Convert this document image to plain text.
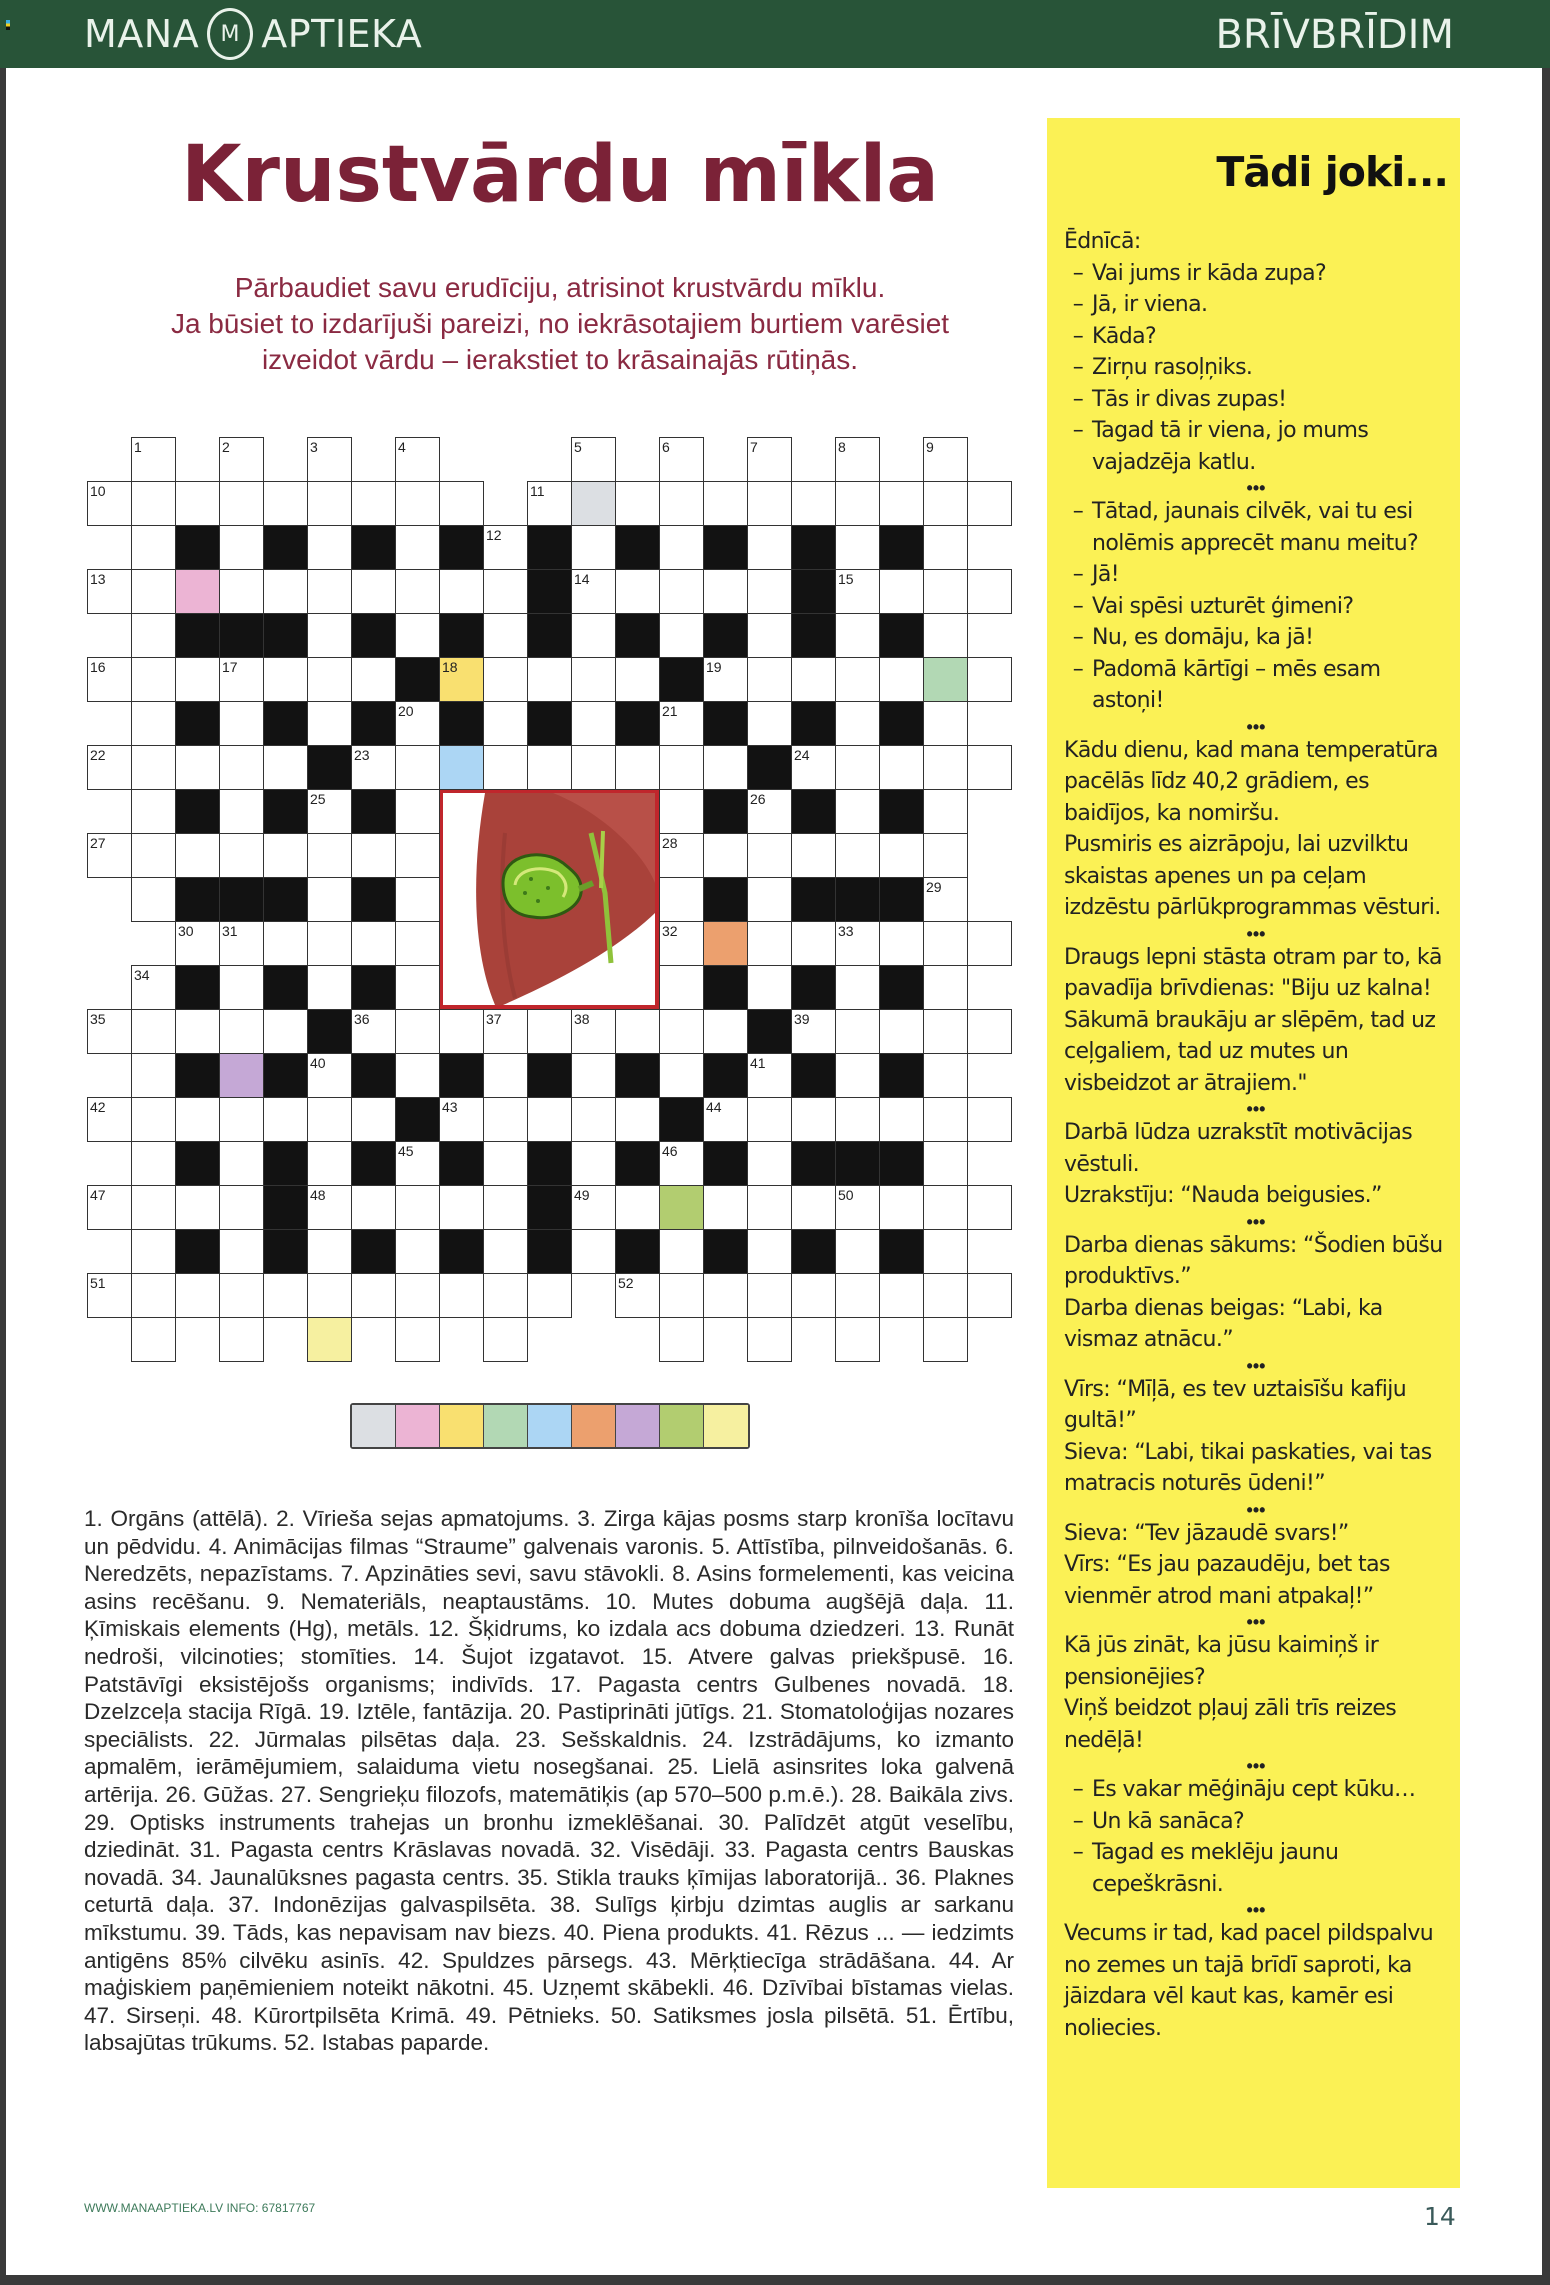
MANA M APTIEKA	BRĪVBRĪDIM
Krustvārdu mīkla
Pārbaudiet savu erudīciju, atrisinot krustvārdu mīklu.
Ja būsiet to izdarījuši pareizi, no iekrāsotajiem burtiem varēsiet
izveidot vārdu – ierakstiet to krāsainajās rūtiņās.
1	2	3	4	5	6	7	8	9
10	11
12
13	14	15
16	17	18	19
20	21
22	23	24
25	26
27	28
29
30 31	32	33
34
35	36	37	38	39
40	41
42	43	44
45	46
47	48	49	50
51	52
1. Orgāns (attēlā). 2. Vīrieša sejas apmatojums. 3. Zirga kājas posms starp kronīša locītavu un pēdvidu. 4. Animācijas filmas “Straume” galvenais varonis. 5. Attīstība, pilnveidošanās. 6. Neredzēts, nepazīstams. 7. Apzināties sevi, savu stāvokli. 8. Asins formelementi, kas veicina asins recēšanu. 9. Nemateriāls, neaptaustāms. 10. Mutes dobuma augšējā daļa. 11. Ķīmiskais elements (Hg), metāls. 12. Šķidrums, ko izdala acs dobuma dziedzeri. 13. Runāt nedroši, vilcinoties; stomīties. 14. Šujot izgatavot. 15. Atvere galvas priekšpusē. 16. Patstāvīgi eksistējošs organisms; indivīds. 17. Pagasta centrs Gulbenes novadā. 18. Dzelzceļa stacija Rīgā. 19. Iztēle, fantāzija. 20. Pastiprināti jūtīgs. 21. Stomatoloģijas nozares speciālists. 22. Jūrmalas pilsētas daļa. 23. Sešskaldnis. 24. Izstrādājums, ko izmanto apmalēm, ierāmējumiem, salaiduma vietu nosegšanai. 25. Lielā asinsrites loka galvenā artērija. 26. Gūžas. 27. Sengrieķu filozofs, matemātiķis (ap 570–500 p.m.ē.). 28. Baikāla zivs. 29. Optisks instruments trahejas un bronhu izmeklēšanai. 30. Palīdzēt atgūt veselību, dziedināt. 31. Pagasta centrs Krāslavas novadā. 32. Visēdāji. 33. Pagasta centrs Bauskas novadā. 34. Jaunalūksnes pagasta centrs. 35. Stikla trauks ķīmijas laboratorijā.. 36. Plaknes ceturtā daļa. 37. Indonēzijas galvaspilsēta. 38. Sulīgs ķirbju dzimtas auglis ar sarkanu mīkstumu. 39. Tāds, kas nepavisam nav biezs. 40. Piena produkts. 41. Rēzus ... — iedzimts antigēns 85% cilvēku asinīs. 42. Spuldzes pārsegs. 43. Mērķtiecīga strādāšana. 44. Ar maģiskiem paņēmieniem noteikt nākotni. 45. Uzņemt skābekli. 46. Dzīvībai bīstamas vielas. 47. Sirseņi. 48. Kūrortpilsēta Krimā. 49. Pētnieks. 50. Satiksmes josla pilsētā. 51. Ērtību, labsajūtas trūkums. 52. Istabas paparde.
WWW.MANAAPTIEKA.LV INFO: 67817767	14
Tādi joki...
Ēdnīcā:
– Vai jums ir kāda zupa?
– Jā, ir viena.
– Kāda?
– Zirņu rasoļņiks.
– Tās ir divas zupas!
– Tagad tā ir viena, jo mums vajadzēja katlu.
•••
– Tātad, jaunais cilvēk, vai tu esi nolēmis apprecēt manu meitu?
– Jā!
– Vai spēsi uzturēt ģimeni?
– Nu, es domāju, ka jā!
– Padomā kārtīgi – mēs esam astoņi!
•••
Kādu dienu, kad mana temperatūra pacēlās līdz 40,2 grādiem, es baidījos, ka nomiršu.
Pusmiris es aizrāpoju, lai uzvilktu skaistas apenes un pa ceļam izdzēstu pārlūkprogrammas vēsturi.
•••
Draugs lepni stāsta otram par to, kā pavadīja brīvdienas: "Biju uz kalna! Sākumā braukāju ar slēpēm, tad uz ceļgaliem, tad uz mutes un visbeidzot ar ātrajiem."
•••
Darbā lūdza uzrakstīt motivācijas vēstuli.
Uzrakstīju: “Nauda beigusies.”
•••
Darba dienas sākums: “Šodien būšu produktīvs.”
Darba dienas beigas: “Labi, ka vismaz atnācu.”
•••
Vīrs: “Mīļā, es tev uztaisīšu kafiju gultā!”
Sieva: “Labi, tikai paskaties, vai tas matracis noturēs ūdeni!”
•••
Sieva: “Tev jāzaudē svars!”
Vīrs: “Es jau pazaudēju, bet tas vienmēr atrod mani atpakaļ!”
•••
Kā jūs zināt, ka jūsu kaimiņš ir pensionējies?
Viņš beidzot pļauj zāli trīs reizes nedēļā!
•••
– Es vakar mēģināju cept kūku…
– Un kā sanāca?
– Tagad es meklēju jaunu cepeškrāsni.
•••
Vecums ir tad, kad pacel pildspalvu no zemes un tajā brīdī saproti, ka jāizdara vēl kaut kas, kamēr esi noliecies.
